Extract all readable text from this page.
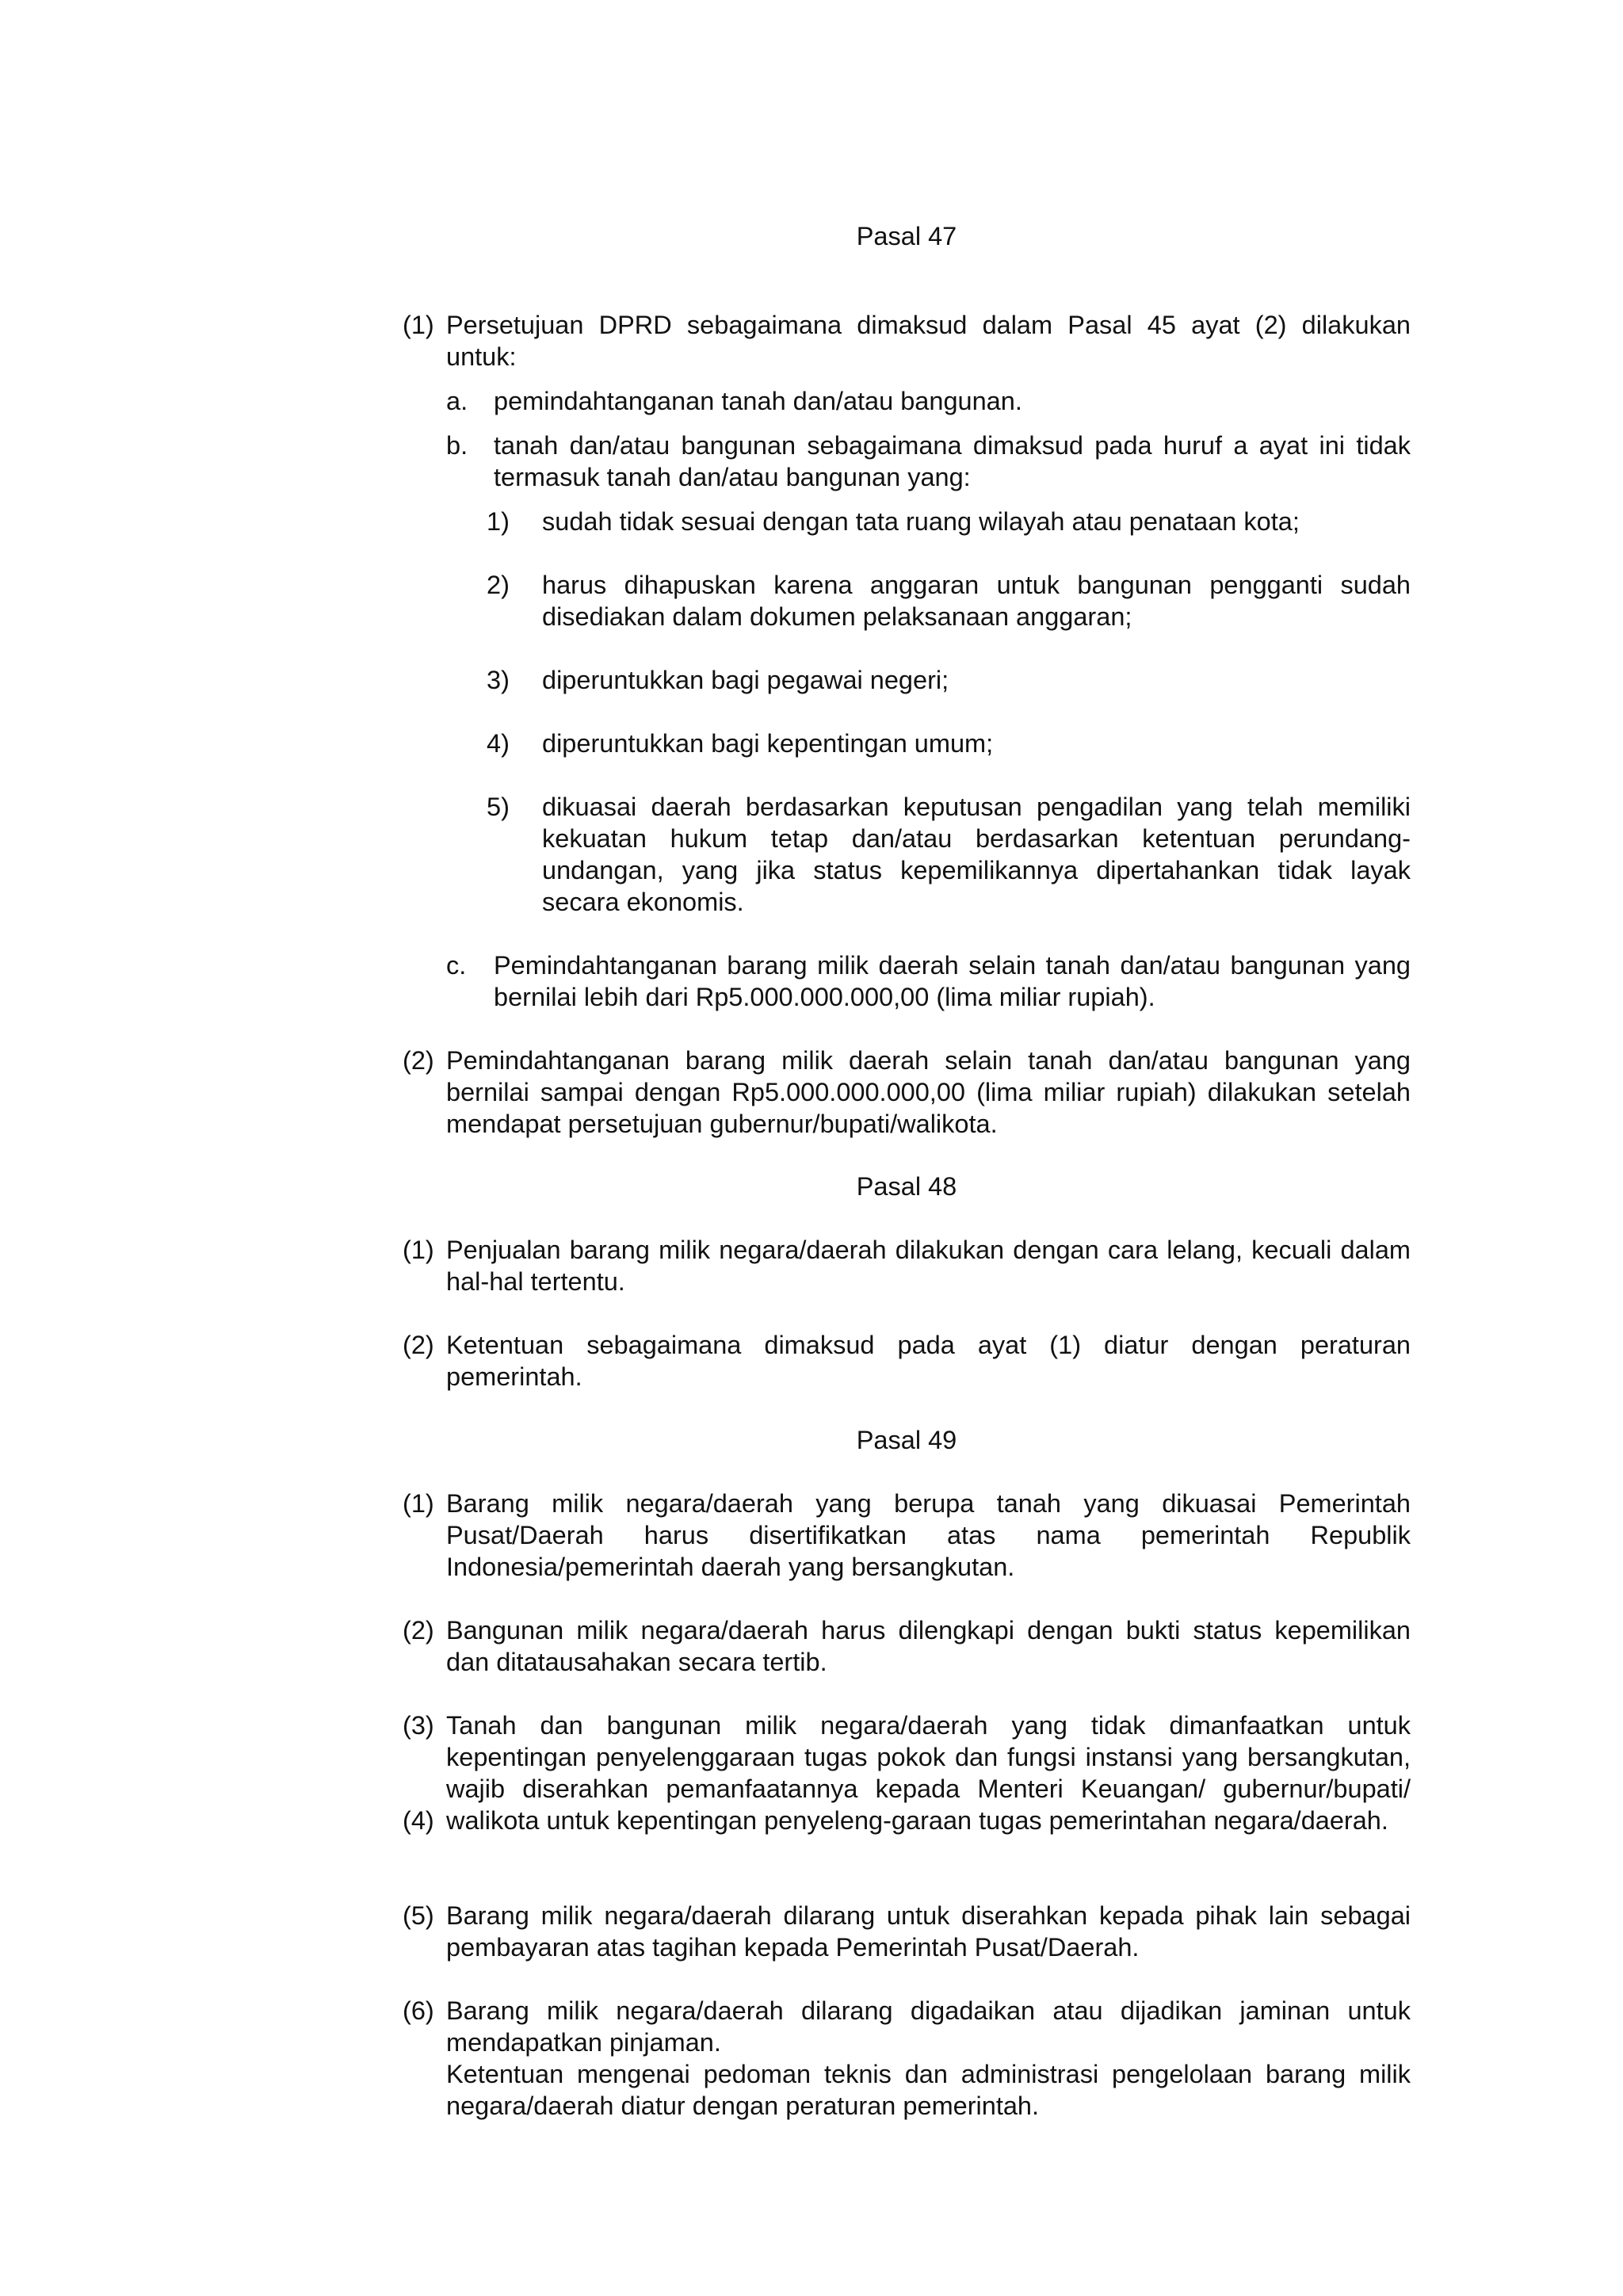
Pasal 47

(1) Persetujuan DPRD sebagaimana dimaksud dalam Pasal 45 ayat (2) dilakukan untuk:

a. pemindahtanganan tanah dan/atau bangunan.

b. tanah dan/atau bangunan sebagaimana dimaksud pada huruf a ayat ini tidak termasuk tanah dan/atau bangunan yang:

1) sudah tidak sesuai dengan tata ruang wilayah atau penataan kota;

2) harus dihapuskan karena anggaran untuk bangunan pengganti sudah disediakan dalam dokumen pelaksanaan anggaran;

3) diperuntukkan bagi pegawai negeri;

4) diperuntukkan bagi kepentingan umum;

5) dikuasai daerah berdasarkan keputusan pengadilan yang telah memiliki kekuatan hukum tetap dan/atau berdasarkan ketentuan perundang-undangan, yang jika status kepemilikannya dipertahankan tidak layak secara ekonomis.

c. Pemindahtanganan barang milik daerah selain tanah dan/atau bangunan yang bernilai lebih dari Rp5.000.000.000,00 (lima miliar rupiah).

(2) Pemindahtanganan barang milik daerah selain tanah dan/atau bangunan yang bernilai sampai dengan Rp5.000.000.000,00 (lima miliar rupiah) dilakukan setelah mendapat persetujuan gubernur/bupati/walikota.

Pasal 48

(1) Penjualan barang milik negara/daerah dilakukan dengan cara lelang, kecuali dalam hal-hal tertentu.

(2) Ketentuan sebagaimana dimaksud pada ayat (1) diatur dengan peraturan pemerintah.

Pasal 49

(1) Barang milik negara/daerah yang berupa tanah yang dikuasai Pemerintah Pusat/Daerah harus disertifikatkan atas nama pemerintah Republik Indonesia/pemerintah daerah yang bersangkutan.

(2) Bangunan milik negara/daerah harus dilengkapi dengan bukti status kepemilikan dan ditatausahakan secara tertib.

(3)
(4)
Tanah dan bangunan milik negara/daerah yang tidak dimanfaatkan untuk kepentingan penyelenggaraan tugas pokok dan fungsi instansi yang bersangkutan, wajib diserahkan pemanfaatannya kepada Menteri Keuangan/ gubernur/bupati/ walikota untuk kepentingan penyeleng-garaan tugas pemerintahan negara/daerah.

(5) Barang milik negara/daerah dilarang untuk diserahkan kepada pihak lain sebagai pembayaran atas tagihan kepada Pemerintah Pusat/Daerah.

(6) Barang milik negara/daerah dilarang digadaikan atau dijadikan jaminan untuk mendapatkan pinjaman.

Ketentuan mengenai pedoman teknis dan administrasi pengelolaan barang milik negara/daerah diatur dengan peraturan pemerintah.
